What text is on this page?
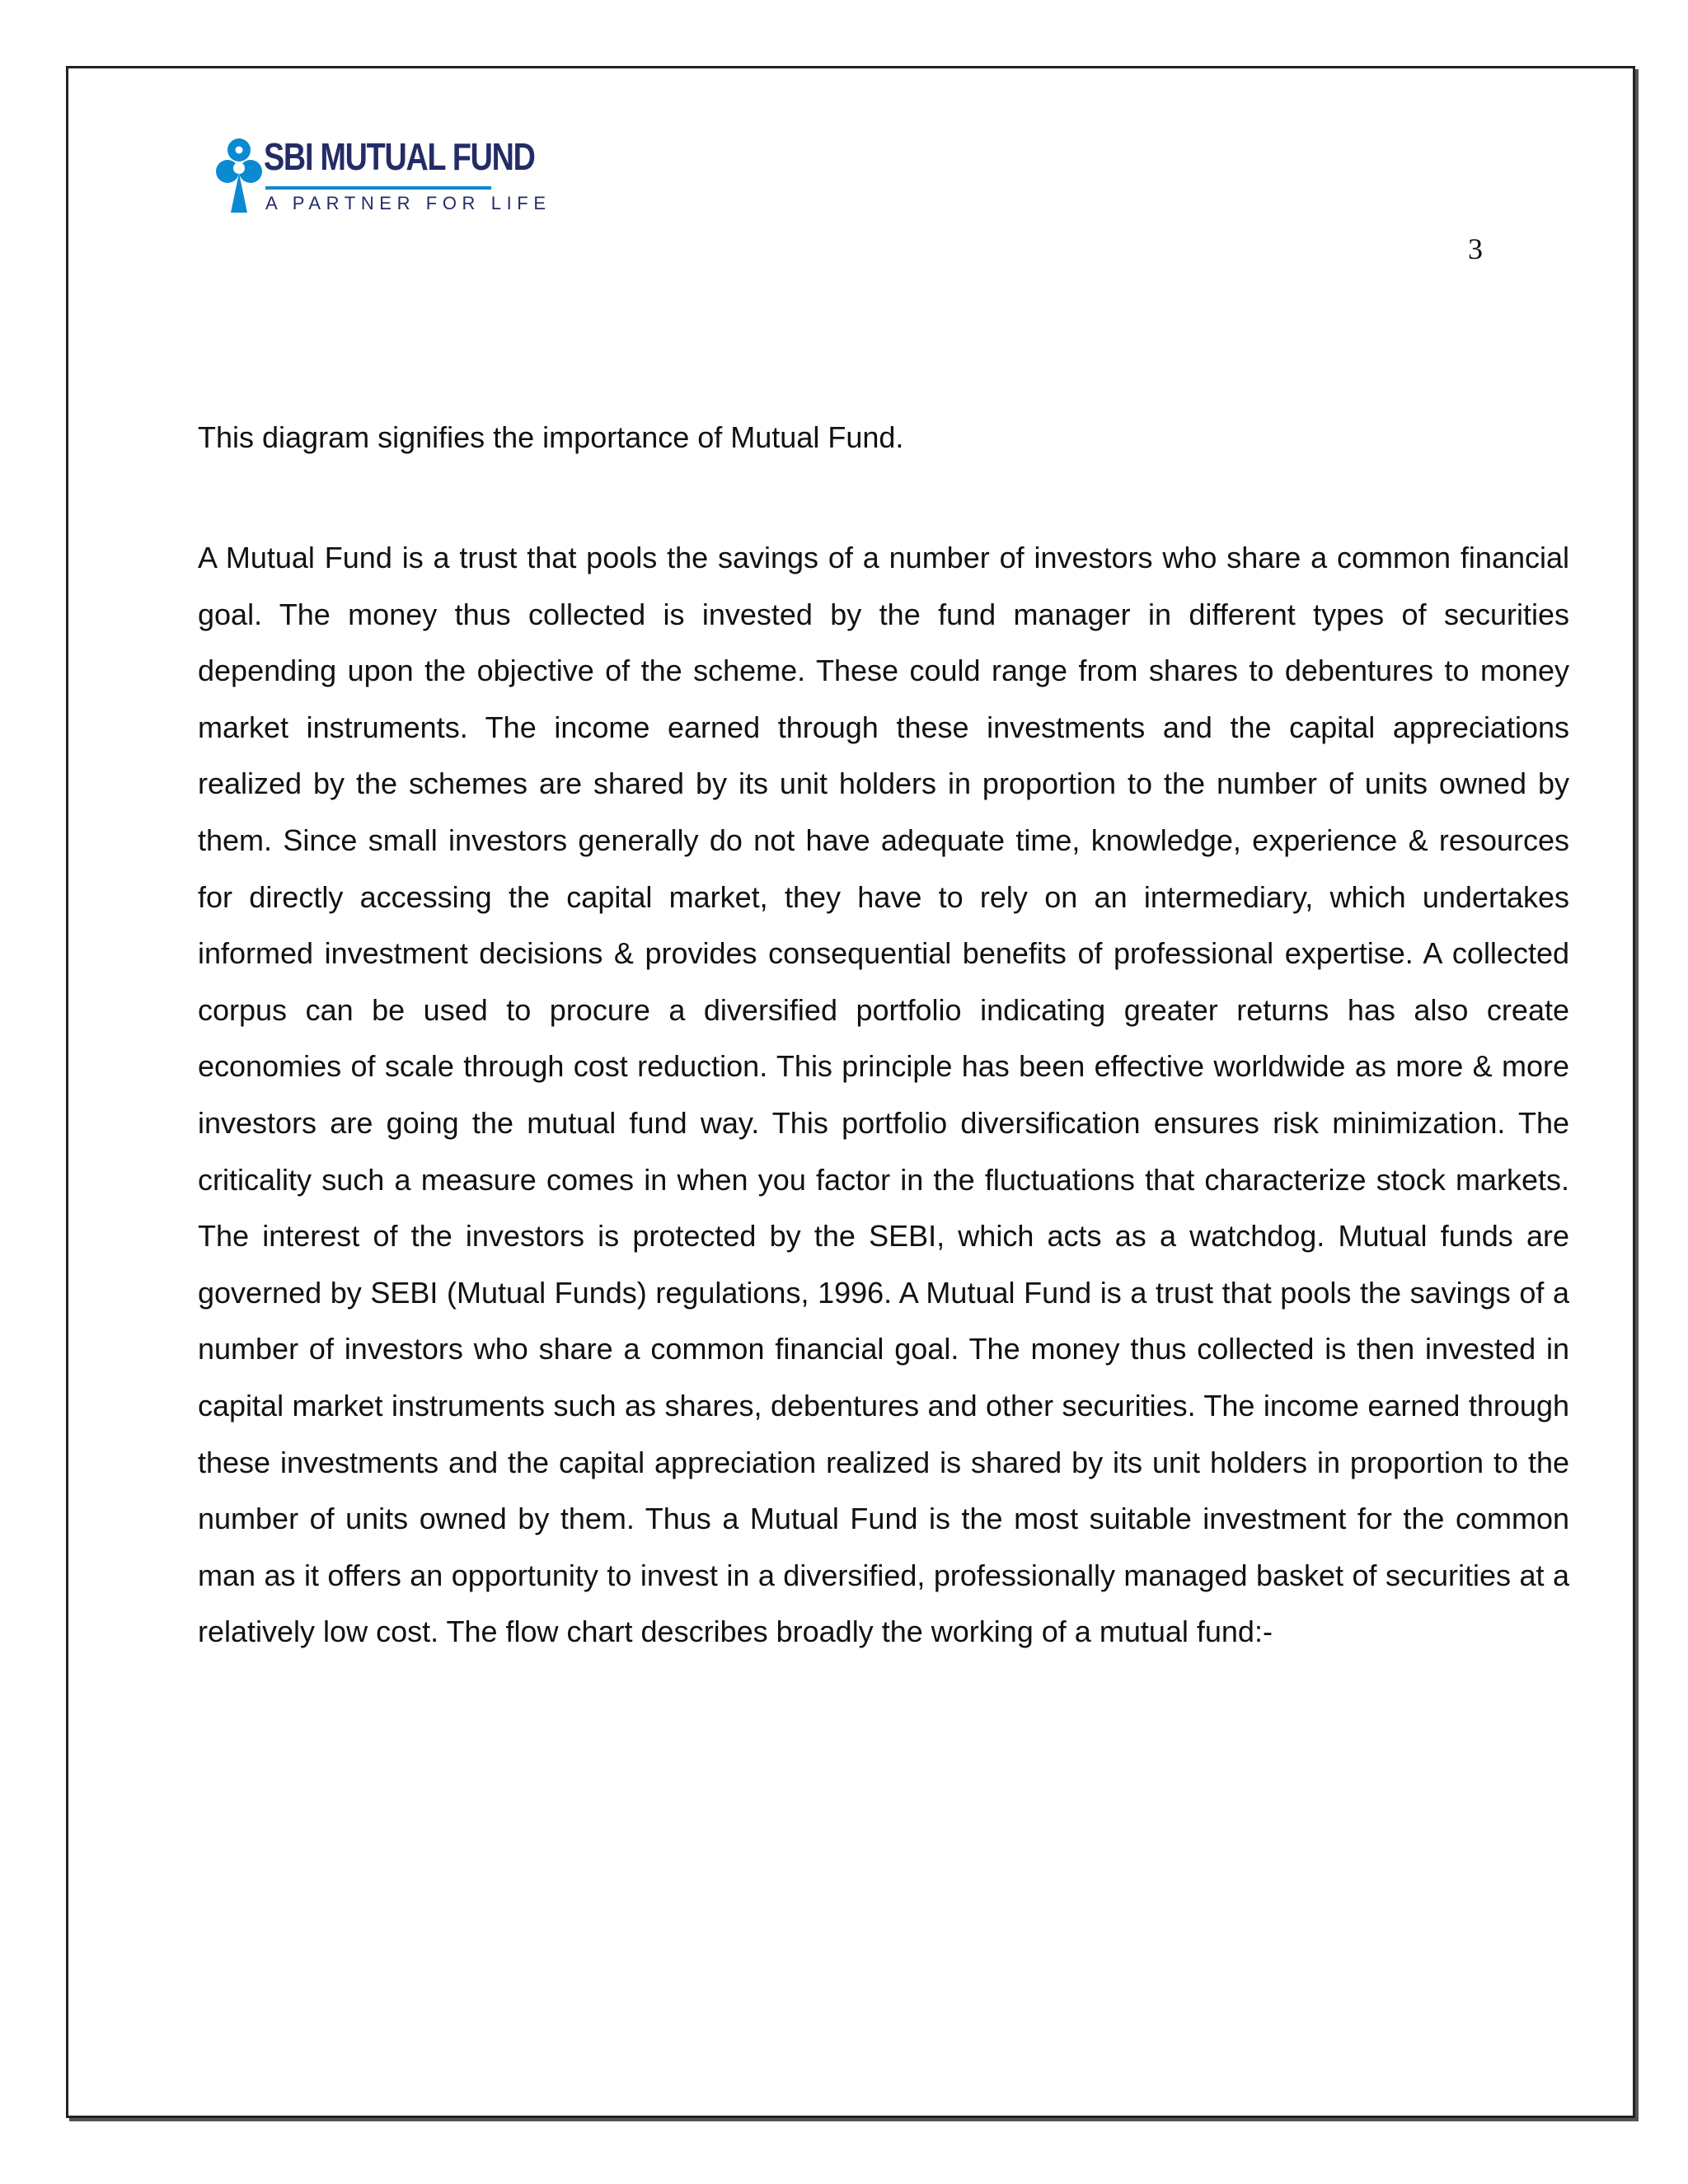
SBI MUTUAL FUND
A PARTNER FOR LIFE
3

This diagram signifies the importance of Mutual Fund.

A Mutual Fund is a trust that pools the savings of a number of investors who share a common financial goal. The money thus collected is invested by the fund manager in different types of securities depending upon the objective of the scheme. These could range from shares to debentures to money market instruments. The income earned through these investments and the capital appreciations realized by the schemes are shared by its unit holders in proportion to the number of units owned by them. Since small investors generally do not have adequate time, knowledge, experience & resources for directly accessing the capital market, they have to rely on an intermediary, which undertakes informed investment decisions & provides consequential benefits of professional expertise. A collected corpus can be used to procure a diversified portfolio indicating greater returns has also create economies of scale through cost reduction. This principle has been effective worldwide as more & more investors are going the mutual fund way. This portfolio diversification ensures risk minimization. The criticality such a measure comes in when you factor in the fluctuations that characterize stock markets. The interest of the investors is protected by the SEBI, which acts as a watchdog. Mutual funds are governed by SEBI (Mutual Funds) regulations, 1996. A Mutual Fund is a trust that pools the savings of a number of investors who share a common financial goal. The money thus collected is then invested in capital market instruments such as shares, debentures and other securities. The income earned through these investments and the capital appreciation realized is shared by its unit holders in proportion to the number of units owned by them. Thus a Mutual Fund is the most suitable investment for the common man as it offers an opportunity to invest in a diversified, professionally managed basket of securities at a relatively low cost. The flow chart describes broadly the working of a mutual fund:-
